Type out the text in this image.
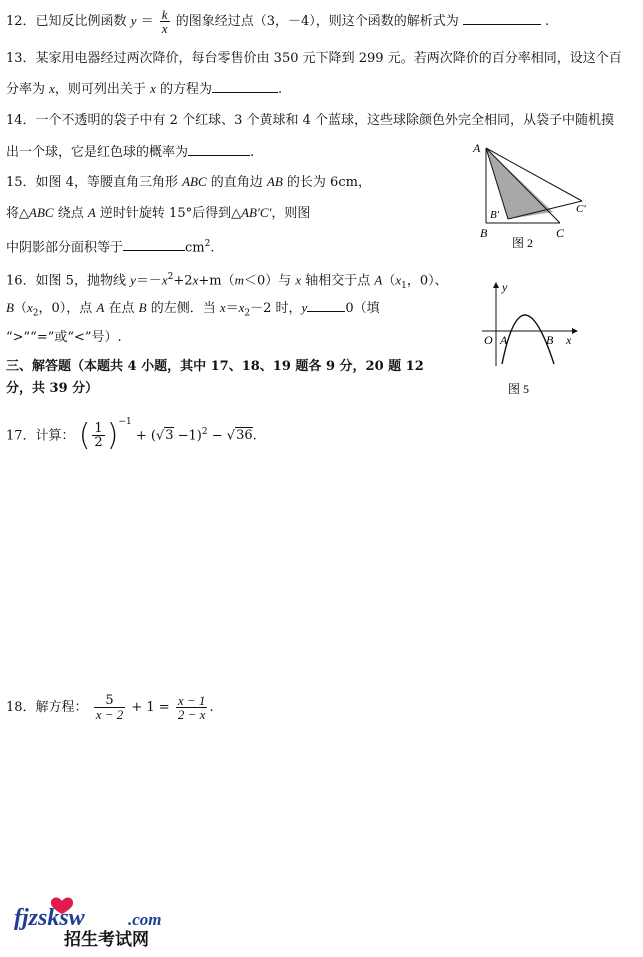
12．已知反比例函数 $y = \frac{k}{x}$ 的图象经过点（3，－4），则这个函数的解析式为	.
13．某家用电器经过两次降价，每台零售价由 350 元下降到 299 元。若两次降价的百分率相同，设这个百
分率为 x，则可列出关于 x 的方程为	.
14．一个不透明的袋子中有 2 个红球、3 个黄球和 4 个蓝球，这些球除颜色外完全相同，从袋子中随机摸
出一个球，它是红色球的概率为	.
15．如图 4，等腰直角三角形 ABC 的直角边 AB 的长为 6cm，
将△ABC 绕点 A 逆时针旋转 15°后得到△AB′C′，则图
中阴影部分面积等于	$cm^2$.
A
B′	C′
B	C
图 2
16．如图 5，抛物线 $y=-x^2+2x+m(m<0)$与 x 轴相交于点 $A(x_1$，0）、
$B(x_2$，0），点 A 在点 B 的左侧．当 $x=x_2-2$ 时，y	0（填
“>”“=”或“<”号）.
y
x
O A	B
图 5
三、解答题（本题共 4 小题，其中 17、18、19 题各 9 分，20 题 12
分，共 39 分）
17．计算： ( $\frac{1}{2} )^{-1} + (√3 -1)^2 - √36$.
18．解方程： $\frac{5}{x - 2} + 1 = \frac{x - 1}{2 - x}$ .
fjzsksw	.com
招生考试网
